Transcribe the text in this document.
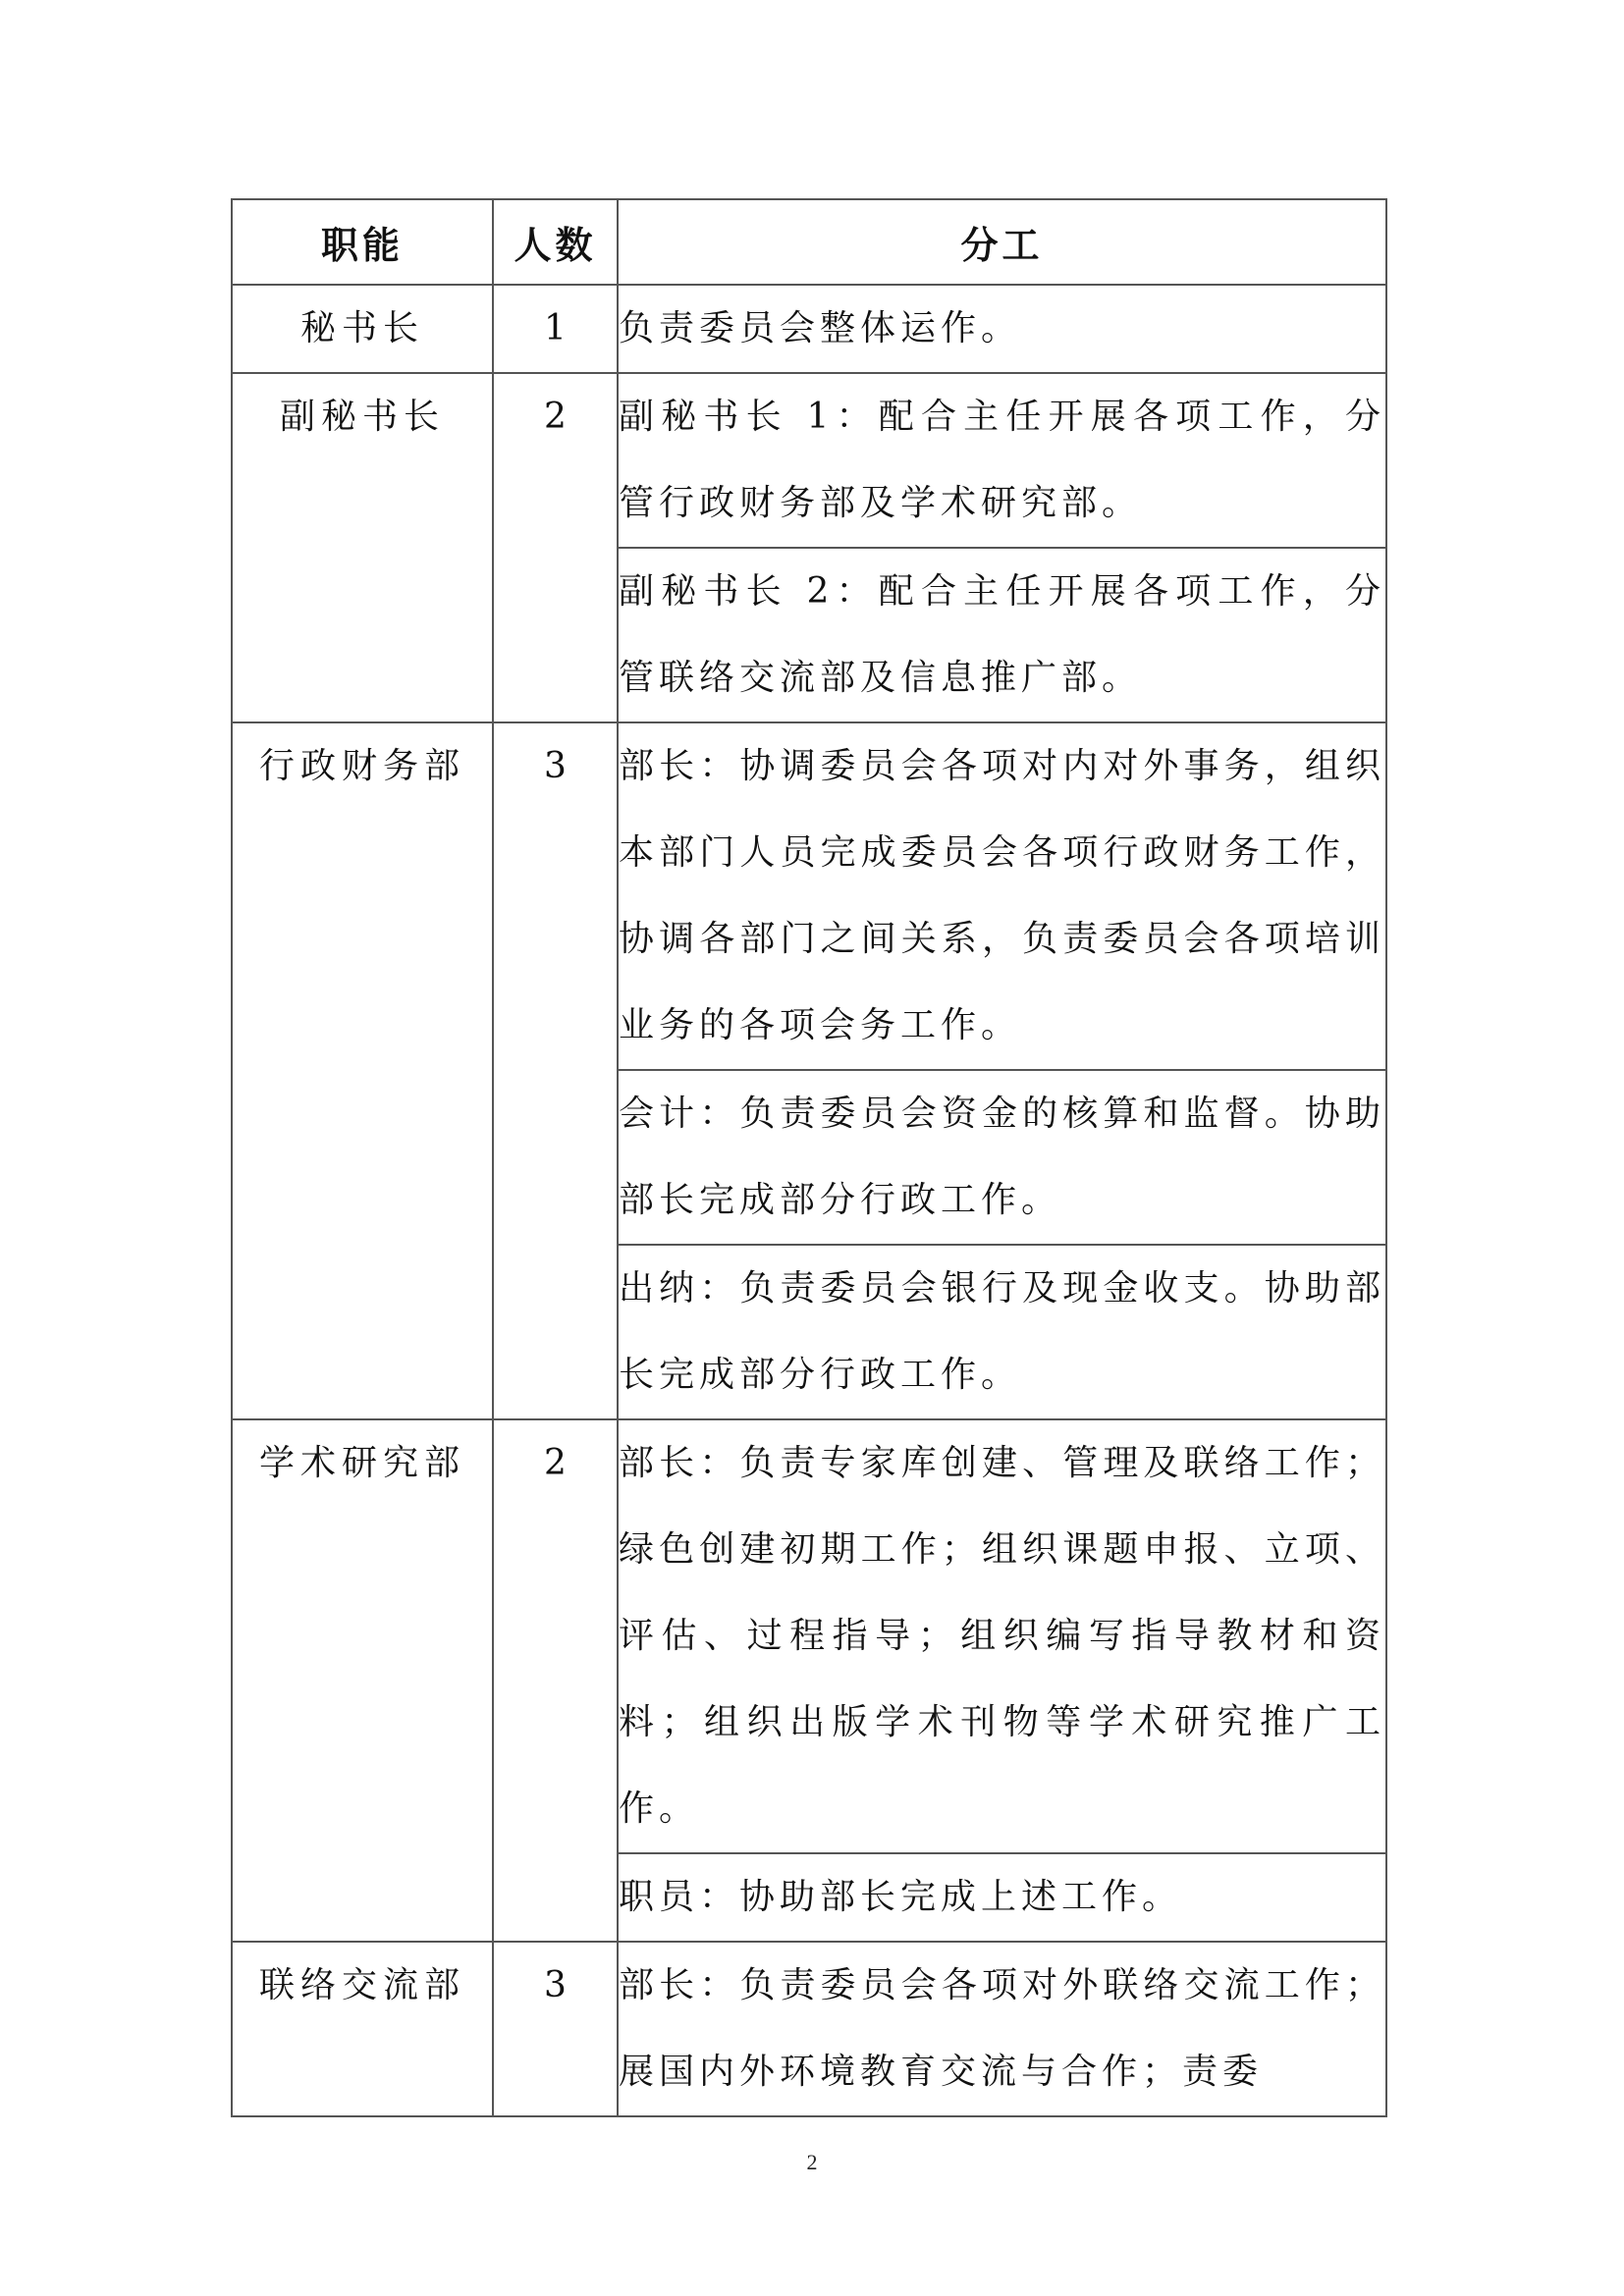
职能	人数	分工
秘书长	1	负责委员会整体运作。
副秘书长	2	副秘书长 1：配合主任开展各项工作，分管行政财务部及学术研究部。
		副秘书长 2：配合主任开展各项工作，分管联络交流部及信息推广部。
行政财务部	3	部长：协调委员会各项对内对外事务，组织本部门人员完成委员会各项行政财务工作，协调各部门之间关系，负责委员会各项培训业务的各项会务工作。
		会计：负责委员会资金的核算和监督。协助部长完成部分行政工作。
		出纳：负责委员会银行及现金收支。协助部长完成部分行政工作。
学术研究部	2	部长：负责专家库创建、管理及联络工作；绿色创建初期工作；组织课题申报、立项、评估、过程指导；组织编写指导教材和资料；组织出版学术刊物等学术研究推广工作。
		职员：协助部长完成上述工作。
联络交流部	3	部长：负责委员会各项对外联络交流工作；展国内外环境教育交流与合作；责委
2
